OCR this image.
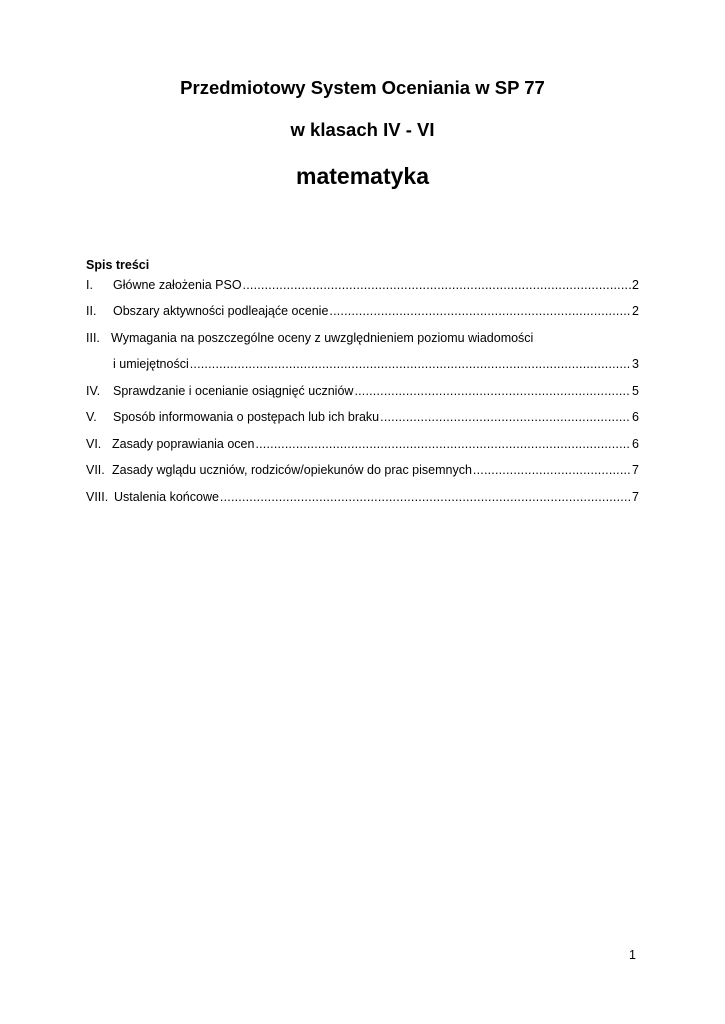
Przedmiotowy System Oceniania w SP 77
w klasach IV - VI
matematyka

Spis treści

I.	Główne założenia PSO .....	2
II.	Obszary aktywności podleająće ocenie .....	2
III. Wymagania na poszczególne oceny z uwzględnieniem poziomu wiadomości
i umiejętności .....	3
IV.	Sprawdzanie i ocenianie osiągnięć uczniów .....	5
V.	Sposób informowania o postępach lub ich braku .....	6
VI. Zasady poprawiania ocen .....	6
VII. Zasady wglądu uczniów, rodziców/opiekunów do prac pisemnych .....	7
VIII. Ustalenia końcowe .....	7

1
